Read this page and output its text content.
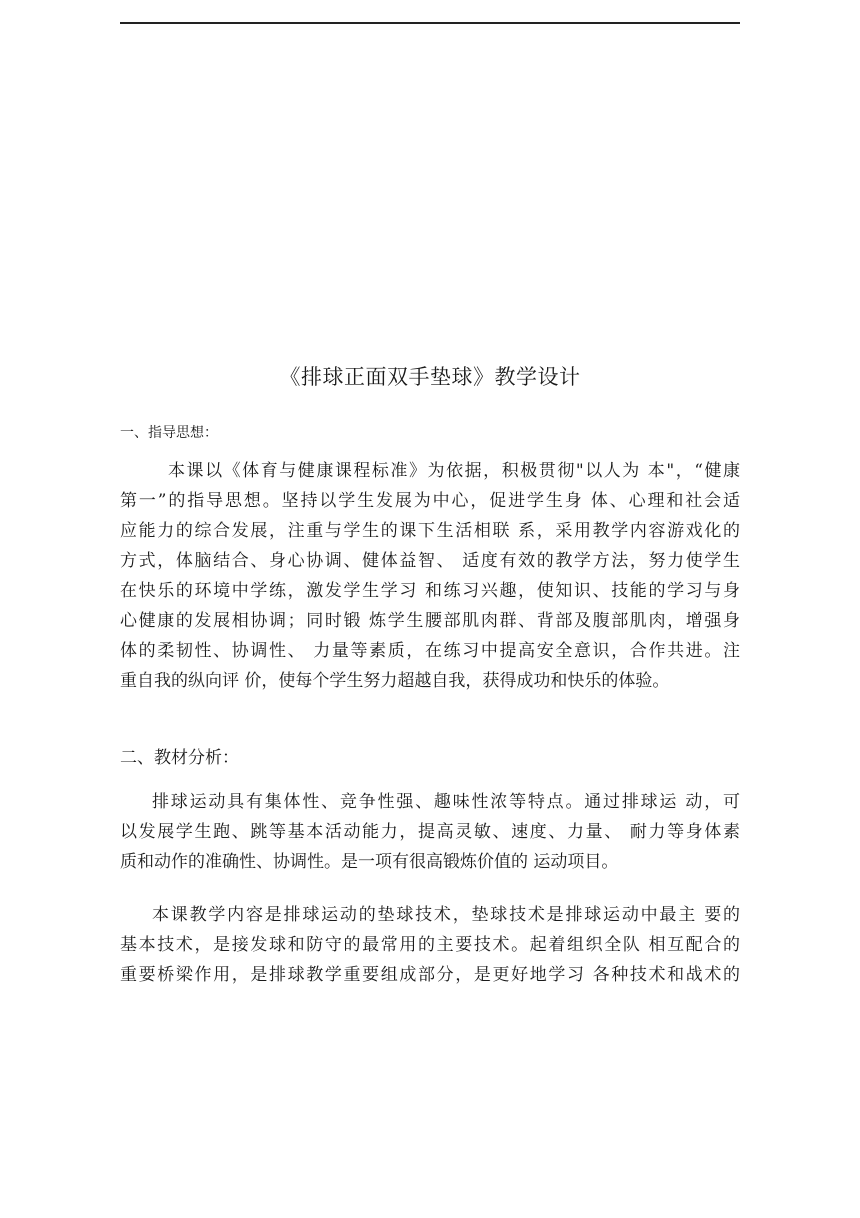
《排球正面双手垫球》教学设计
一、指导思想：
本课以《体育与健康课程标准》为依据，积极贯彻"以人为 本"，“健康
第一”的指导思想。坚持以学生发展为中心，促进学生身 体、心理和社会适
应能力的综合发展，注重与学生的课下生活相联 系，采用教学内容游戏化的
方式，体脑结合、身心协调、健体益智、 适度有效的教学方法，努力使学生
在快乐的环境中学练，激发学生学习 和练习兴趣，使知识、技能的学习与身
心健康的发展相协调；同时锻 炼学生腰部肌肉群、背部及腹部肌肉，增强身
体的柔韧性、协调性、 力量等素质，在练习中提高安全意识，合作共进。注
重自我的纵向评 价，使每个学生努力超越自我，获得成功和快乐的体验。
二、教材分析：
排球运动具有集体性、竞争性强、趣味性浓等特点。通过排球运 动，可
以发展学生跑、跳等基本活动能力，提高灵敏、速度、力量、 耐力等身体素
质和动作的准确性、协调性。是一项有很高锻炼价值的 运动项目。
本课教学内容是排球运动的垫球技术，垫球技术是排球运动中最主 要的
基本技术，是接发球和防守的最常用的主要技术。起着组织全队 相互配合的
重要桥梁作用，是排球教学重要组成部分，是更好地学习 各种技术和战术的
